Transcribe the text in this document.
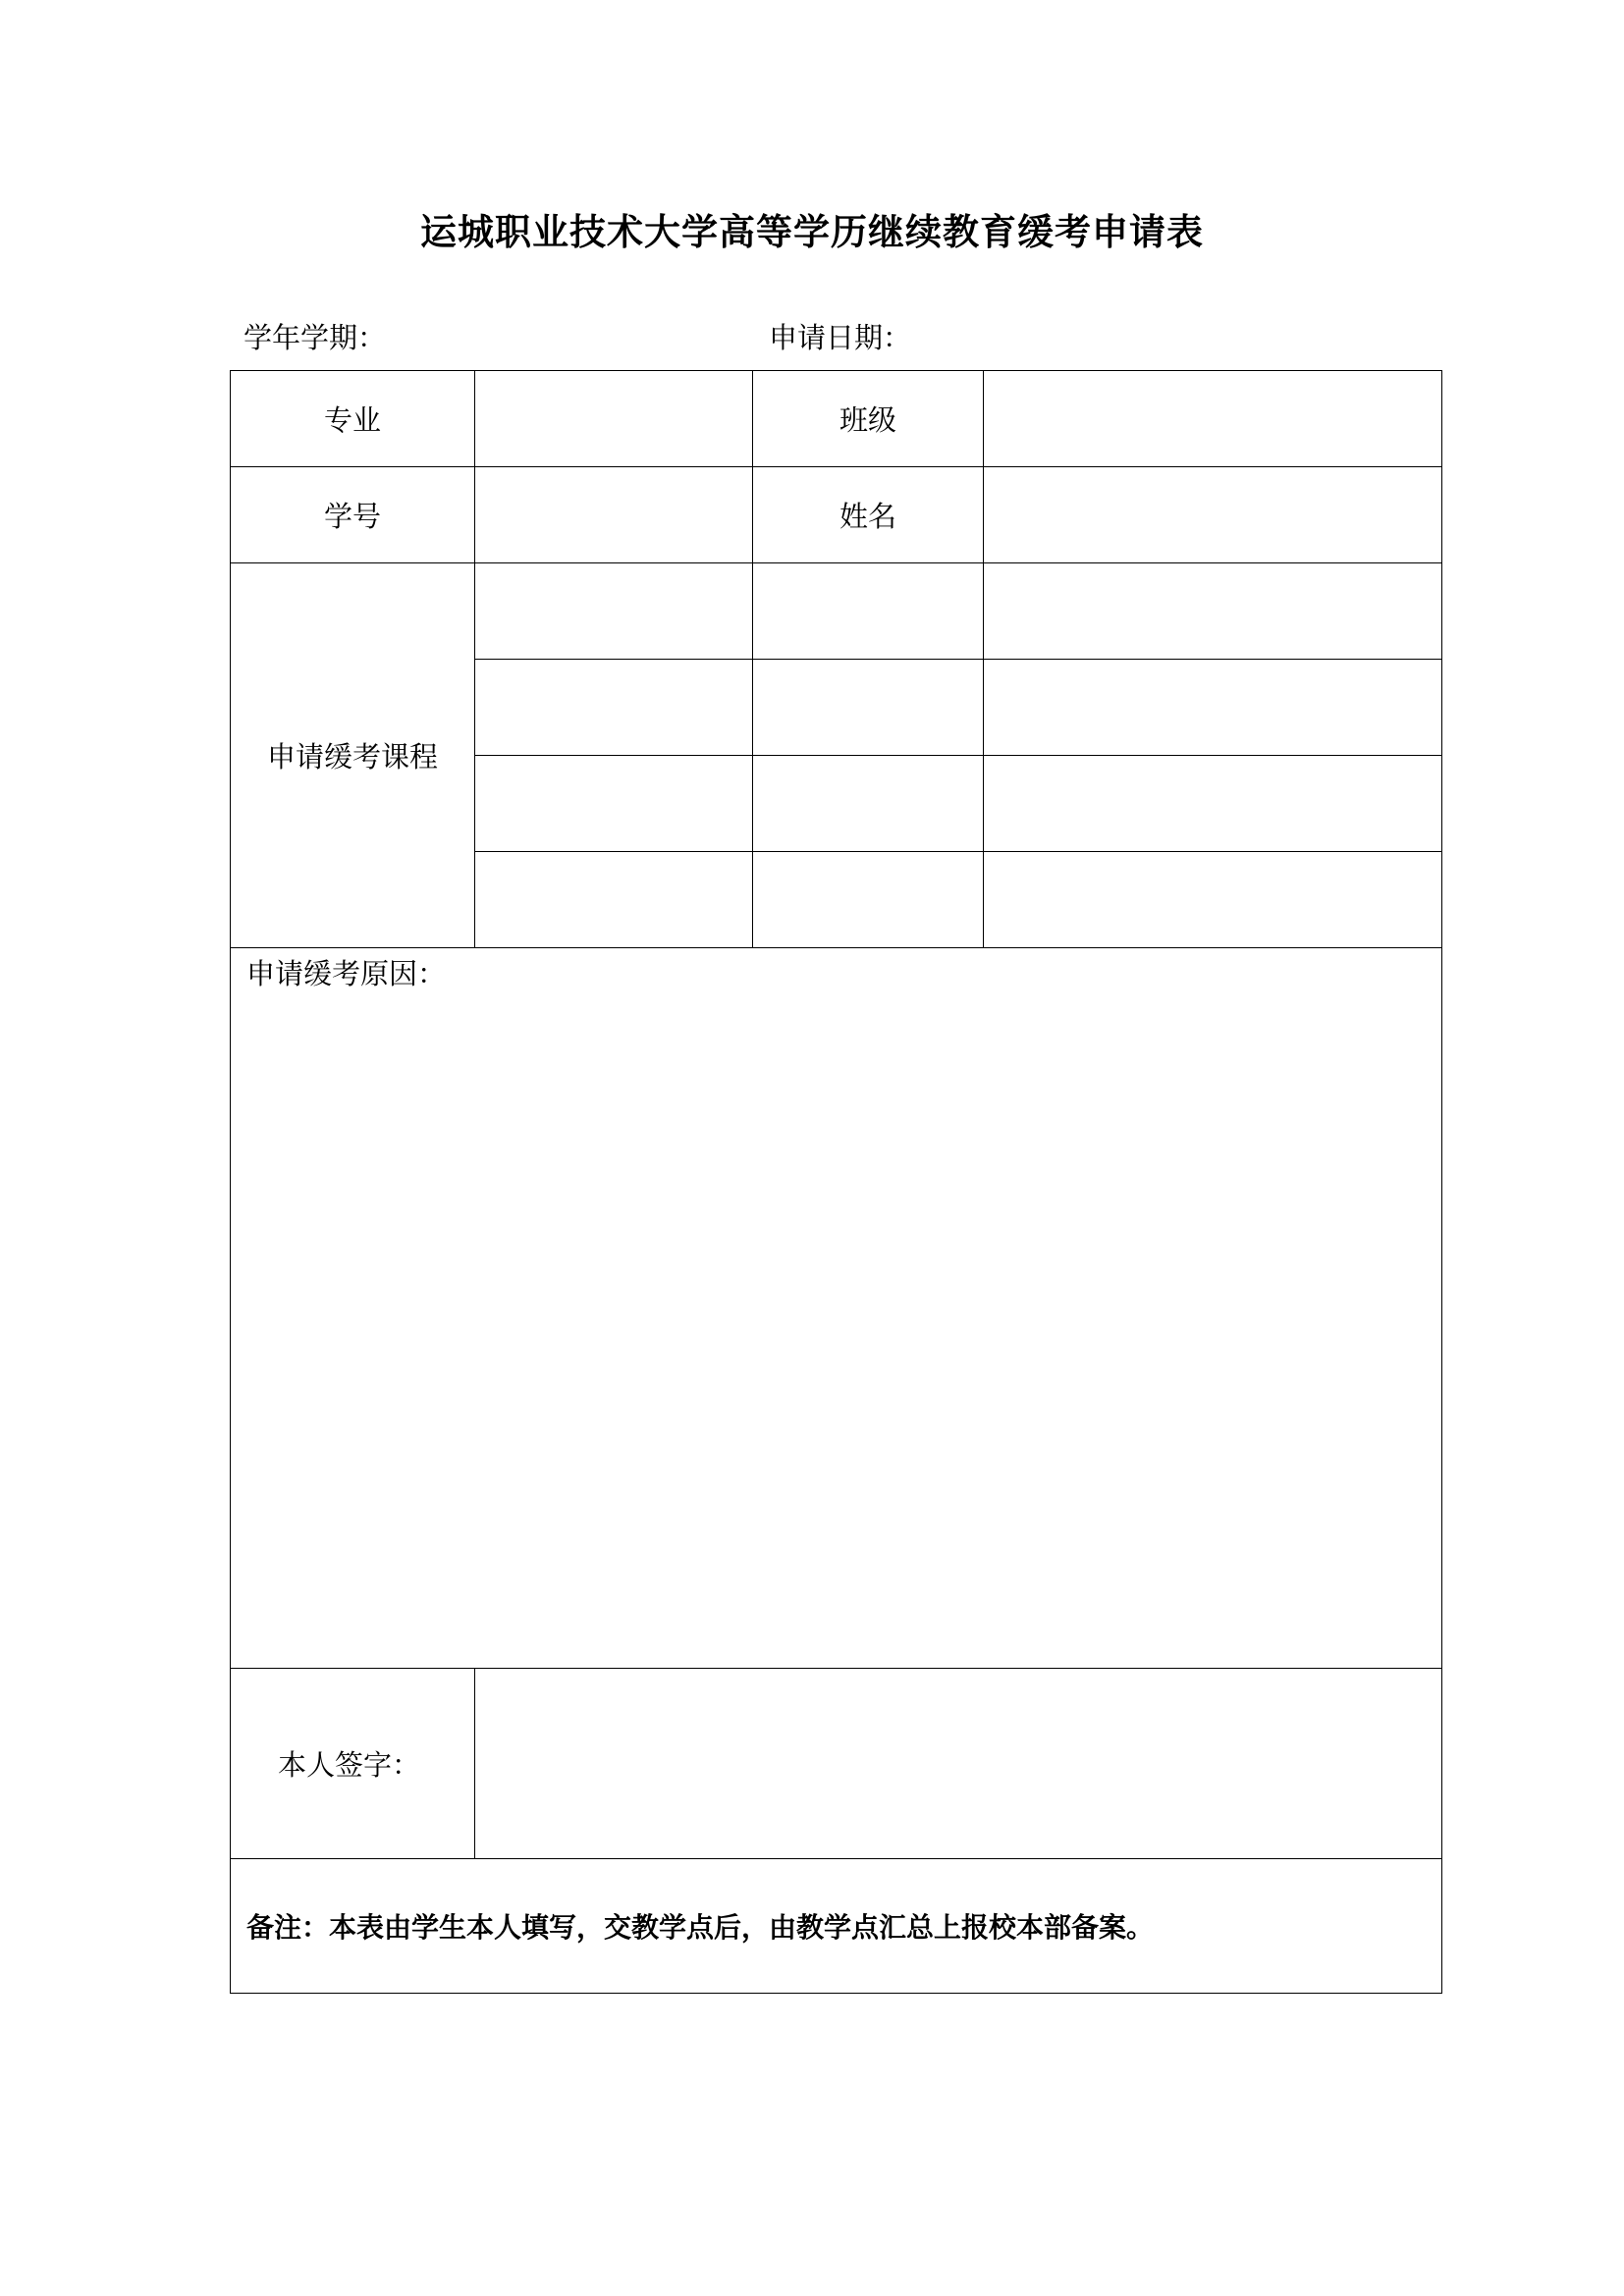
运城职业技术大学高等学历继续教育缓考申请表
学年学期：	申请日期：
专业		班级	
学号		姓名	
申请缓考课程			

申请缓考原因：			

本人签字：			
备注：本表由学生本人填写，交教学点后，由教学点汇总上报校本部备案。			
